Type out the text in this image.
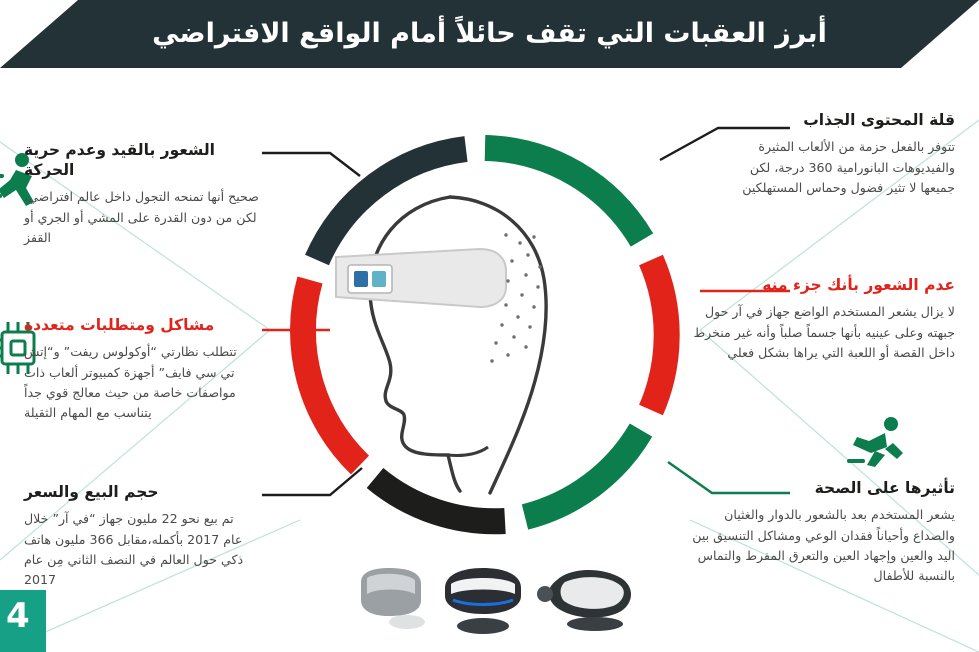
أبرز العقبات التي تقف حائلاً أمام الواقع الافتراضي

قلة المحتوى الجذاب

تتوفر بالفعل حزمة من الألعاب المثيرة والفيديوهات البانورامية 360 درجة، لكن جميعها لا تثير فضول وحماس المستهلكين

عدم الشعور بأنك جزء منه

لا يزال يشعر المستخدم الواضع جهاز في آر حول جبهته وعلى عينيه بأنها جسماً صلباً وأنه غير منخرط داخل القصة أو اللعبة التي يراها بشكل فعلي

تأثيرها على الصحة

يشعر المستخدم بعد بالشعور بالدوار والغثيان والصداع وأحياناً فقدان الوعي ومشاكل التنسيق بين اليد والعين وإجهاد العين والتعرق المفرط والتماس بالنسبة للأطفال

الشعور بالقيد وعدم حرية الحركة

صحيح أنها تمنحه التجول داخل عالم افتراضي، لكن من دون القدرة على المشي أو الجري أو القفز

مشاكل ومتطلبات متعددة

تتطلب نظارتي “أوكولوس ريفت” و“إتش تي سي فايف” أجهزة كمبيوتر ألعاب ذات مواصفات خاصة من حيث معالج قوي جداً يتناسب مع المهام الثقيلة

حجم البيع والسعر

تم بيع نحو 22 مليون جهاز “في آر” خلال عام 2017 بأكمله،مقابل 366 مليون هاتف ذكي حول العالم في النصف الثاني مِن عام 2017

4
